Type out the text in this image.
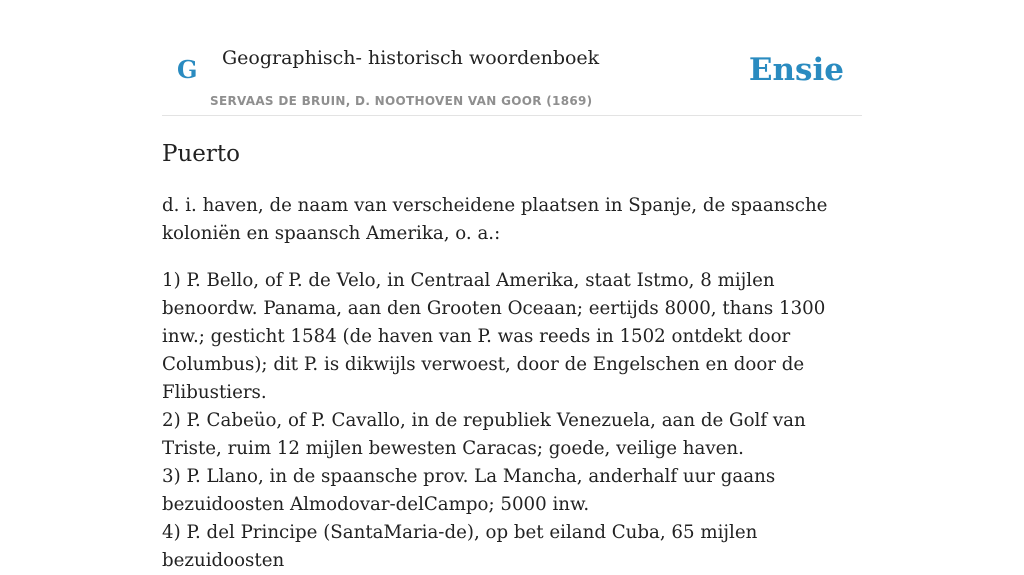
G Geographisch- historisch woordenboek
SERVAAS DE BRUIN, D. NOOTHOVEN VAN GOOR (1869)
Ensie
Puerto

d. i. haven, de naam van verscheidene plaatsen in Spanje, de spaansche koloniën en spaansch Amerika, o. a.:

1) P. Bello, of P. de Velo, in Centraal Amerika, staat Istmo, 8 mijlen benoordw. Panama, aan den Grooten Oceaan; eertijds 8000, thans 1300 inw.; gesticht 1584 (de haven van P. was reeds in 1502 ontdekt door Columbus); dit P. is dikwijls verwoest, door de Engelschen en door de Flibustiers.

2) P. Cabeüo, of P. Cavallo, in de republiek Venezuela, aan de Golf van Triste, ruim 12 mijlen bewesten Caracas; goede, veilige haven.

3) P. Llano, in de spaansche prov. La Mancha, anderhalf uur gaans bezuidoosten Almodovar-delCampo; 5000 inw.

4) P. del Principe (SantaMaria-de), op bet eiland Cuba, 65 mijlen bezuidoosten
